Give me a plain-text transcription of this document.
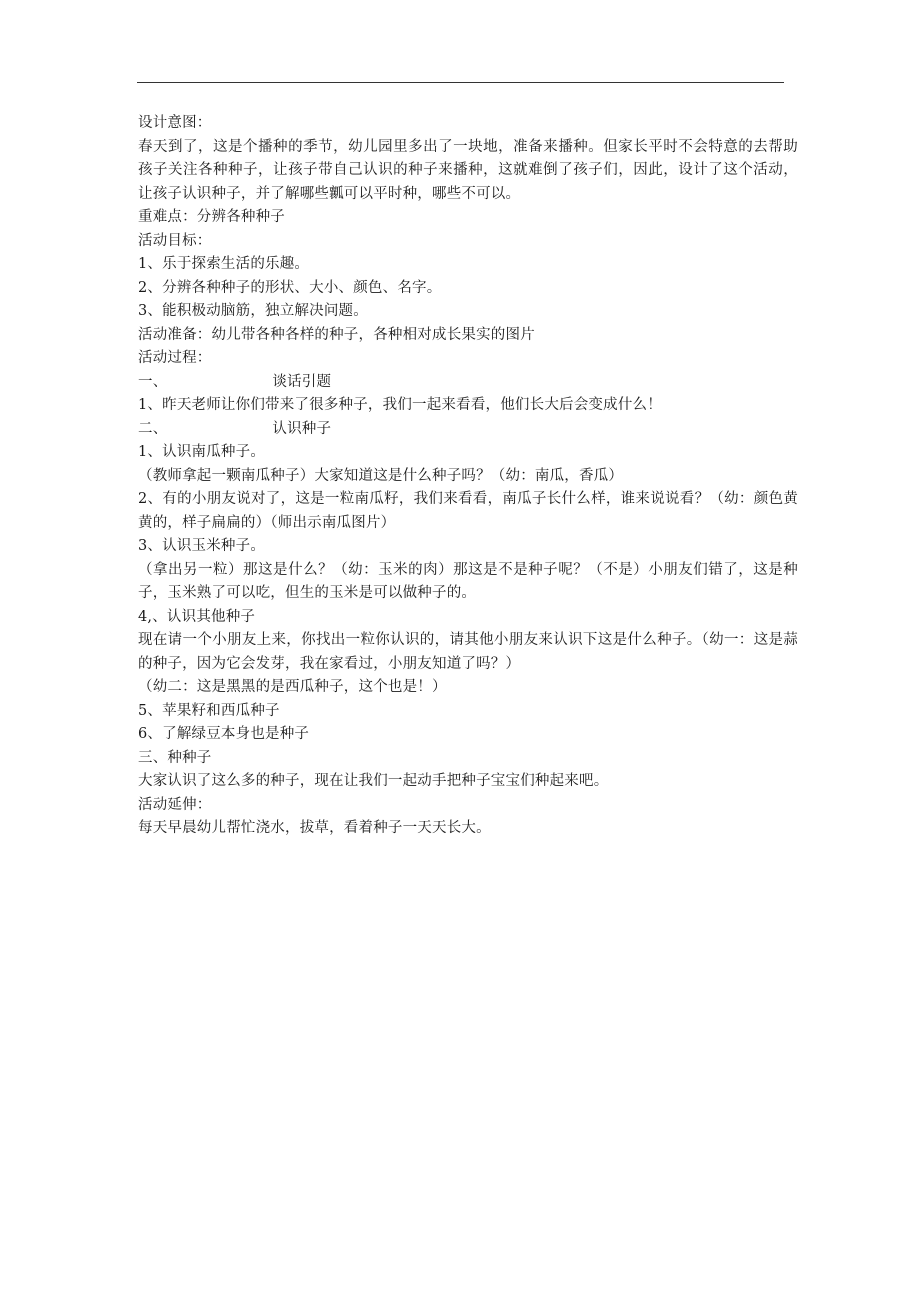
设计意图：
春天到了，这是个播种的季节，幼儿园里多出了一块地，准备来播种。但家长平时不会特意的去帮助孩子关注各种种子，让孩子带自己认识的种子来播种，这就难倒了孩子们，因此，设计了这个活动，让孩子认识种子，并了解哪些瓤可以平时种，哪些不可以。
重难点：分辨各种种子
活动目标：
1、乐于探索生活的乐趣。
2、分辨各种种子的形状、大小、颜色、名字。
3、能积极动脑筋，独立解决问题。
活动准备：幼儿带各种各样的种子，各种相对成长果实的图片
活动过程：
一、	谈话引题
1、昨天老师让你们带来了很多种子，我们一起来看看，他们长大后会变成什么！
二、	认识种子
1、认识南瓜种子。
（教师拿起一颗南瓜种子）大家知道这是什么种子吗？（幼：南瓜，香瓜）
2、有的小朋友说对了，这是一粒南瓜籽，我们来看看，南瓜子长什么样，谁来说说看？（幼：颜色黄黄的，样子扁扁的）（师出示南瓜图片）
3、认识玉米种子。
（拿出另一粒）那这是什么？（幼：玉米的肉）那这是不是种子呢？（不是）小朋友们错了，这是种子，玉米熟了可以吃，但生的玉米是可以做种子的。
4,、认识其他种子
现在请一个小朋友上来，你找出一粒你认识的，请其他小朋友来认识下这是什么种子。（幼一：这是蒜的种子，因为它会发芽，我在家看过，小朋友知道了吗？）
（幼二：这是黑黑的是西瓜种子，这个也是！）
5、苹果籽和西瓜种子
6、了解绿豆本身也是种子
三、种种子
大家认识了这么多的种子，现在让我们一起动手把种子宝宝们种起来吧。
活动延伸：
每天早晨幼儿帮忙浇水，拔草，看着种子一天天长大。
